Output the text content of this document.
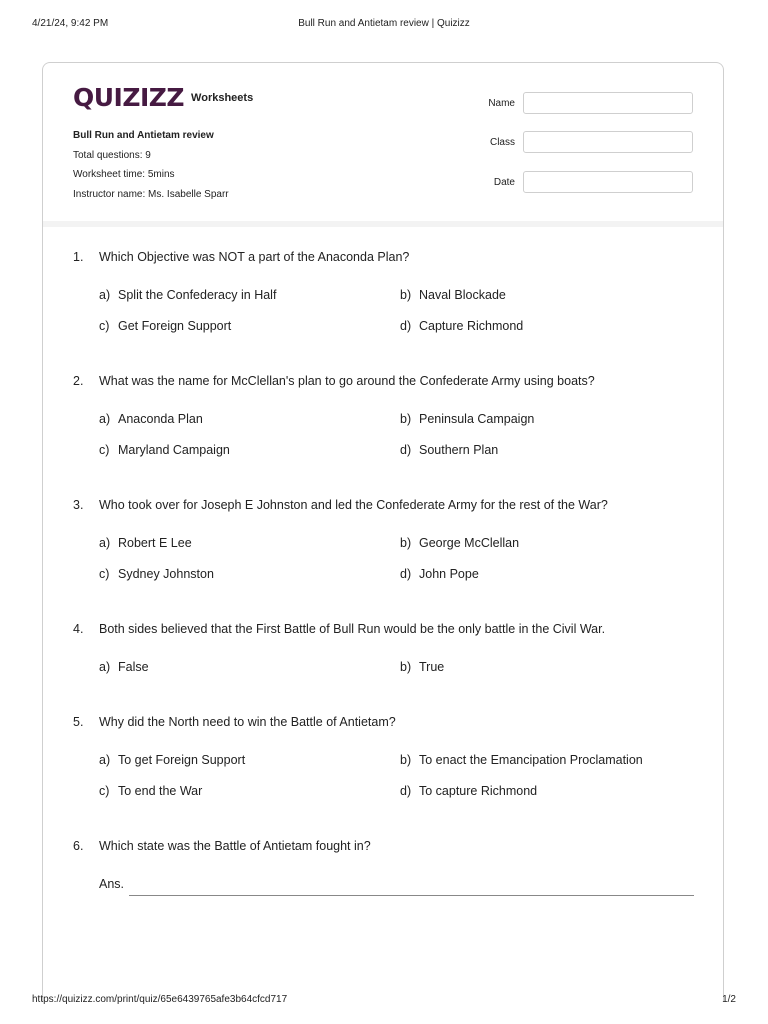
4/21/24, 9:42 PM	Bull Run and Antietam review | Quizizz
QUIZIZZ Worksheets
Bull Run and Antietam review
Total questions: 9
Worksheet time: 5mins
Instructor name: Ms. Isabelle Sparr
Name
Class
Date
1. Which Objective was NOT a part of the Anaconda Plan?
a) Split the Confederacy in Half	b) Naval Blockade
c) Get Foreign Support	d) Capture Richmond
2. What was the name for McClellan's plan to go around the Confederate Army using boats?
a) Anaconda Plan	b) Peninsula Campaign
c) Maryland Campaign	d) Southern Plan
3. Who took over for Joseph E Johnston and led the Confederate Army for the rest of the War?
a) Robert E Lee	b) George McClellan
c) Sydney Johnston	d) John Pope
4. Both sides believed that the First Battle of Bull Run would be the only battle in the Civil War.
a) False	b) True
5. Why did the North need to win the Battle of Antietam?
a) To get Foreign Support	b) To enact the Emancipation Proclamation
c) To end the War	d) To capture Richmond
6. Which state was the Battle of Antietam fought in?
Ans.
https://quizizz.com/print/quiz/65e6439765afe3b64cfcd717	1/2
